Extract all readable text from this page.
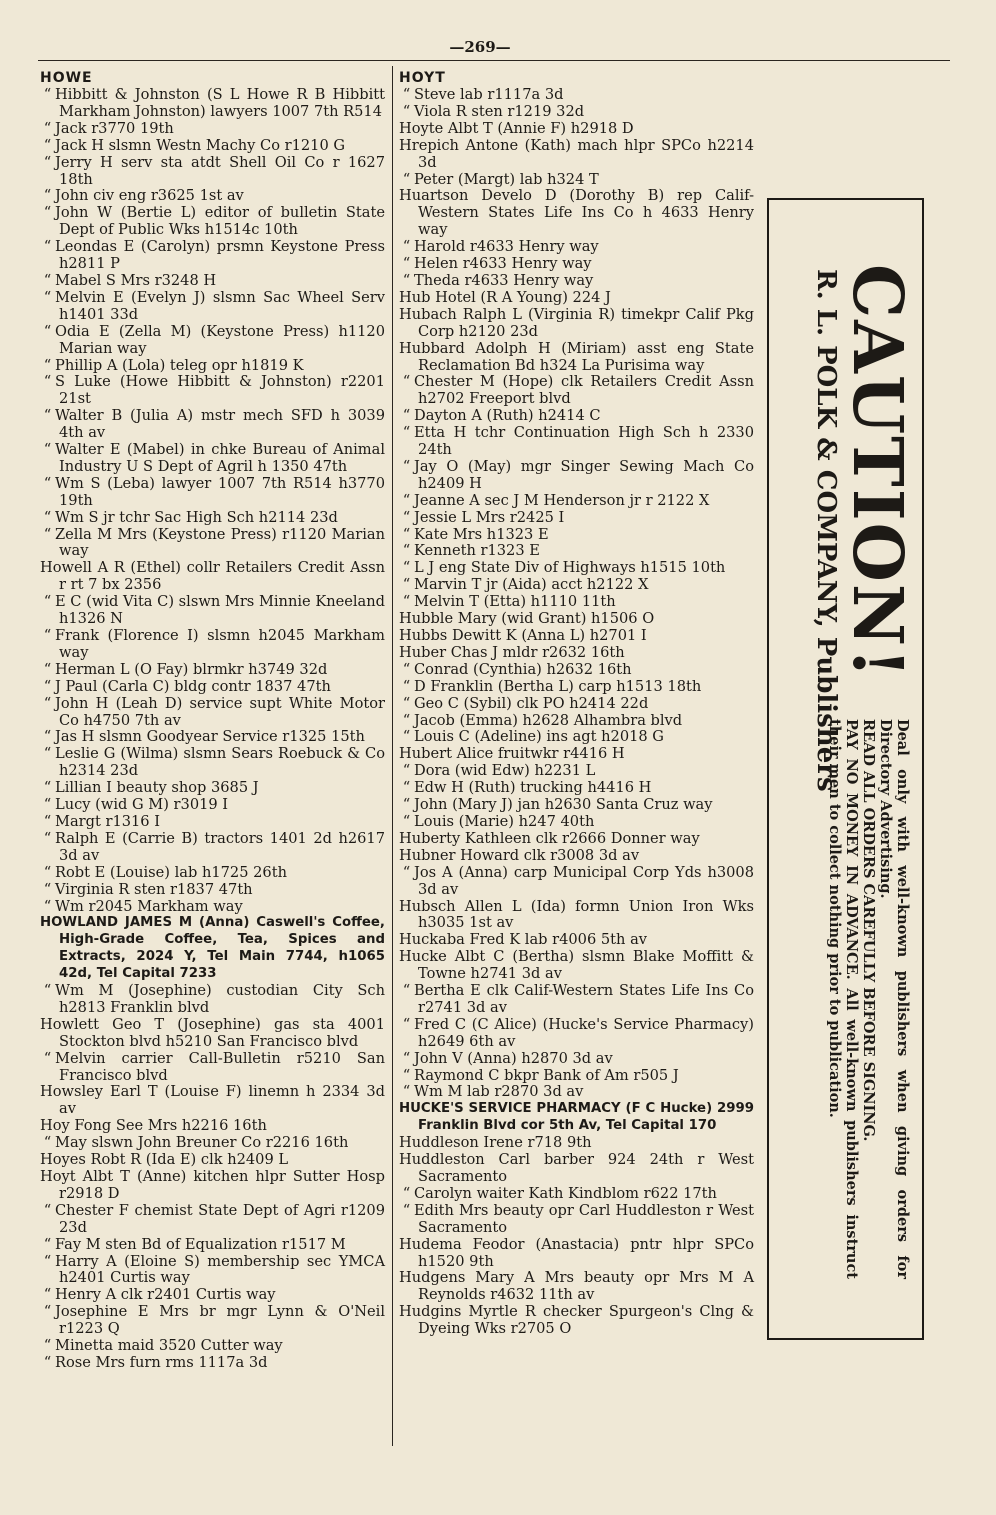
—269—
HOWE
“ Hibbitt & Johnston (S L Howe R B Hibbitt Markham Johnston) lawyers 1007 7th R514
“ Jack r3770 19th
“ Jack H slsmn Westn Machy Co r1210 G
“ Jerry H serv sta atdt Shell Oil Co r 1627 18th
“ John civ eng r3625 1st av
“ John W (Bertie L) editor of bulletin State Dept of Public Wks h1514c 10th
“ Leondas E (Carolyn) prsmn Keystone Press h2811 P
“ Mabel S Mrs r3248 H
“ Melvin E (Evelyn J) slsmn Sac Wheel Serv h1401 33d
“ Odia E (Zella M) (Keystone Press) h1120 Marian way
“ Phillip A (Lola) teleg opr h1819 K
“ S Luke (Howe Hibbitt & Johnston) r2201 21st
“ Walter B (Julia A) mstr mech SFD h 3039 4th av
“ Walter E (Mabel) in chke Bureau of Animal Industry U S Dept of Agril h 1350 47th
“ Wm S (Leba) lawyer 1007 7th R514 h3770 19th
“ Wm S jr tchr Sac High Sch h2114 23d
“ Zella M Mrs (Keystone Press) r1120 Marian way
Howell A R (Ethel) collr Retailers Credit Assn r rt 7 bx 2356
“ E C (wid Vita C) slswn Mrs Minnie Kneeland h1326 N
“ Frank (Florence I) slsmn h2045 Markham way
“ Herman L (O Fay) blrmkr h3749 32d
“ J Paul (Carla C) bldg contr 1837 47th
“ John H (Leah D) service supt White Motor Co h4750 7th av
“ Jas H slsmn Goodyear Service r1325 15th
“ Leslie G (Wilma) slsmn Sears Roebuck & Co h2314 23d
“ Lillian I beauty shop 3685 J
“ Lucy (wid G M) r3019 I
“ Margt r1316 I
“ Ralph E (Carrie B) tractors 1401 2d h2617 3d av
“ Robt E (Louise) lab h1725 26th
“ Virginia R sten r1837 47th
“ Wm r2045 Markham way
HOWLAND JAMES M (Anna) Caswell's Coffee, High-Grade Coffee, Tea, Spices and Extracts, 2024 Y, Tel Main 7744, h1065 42d, Tel Capital 7233
“ Wm M (Josephine) custodian City Sch h2813 Franklin blvd
Howlett Geo T (Josephine) gas sta 4001 Stockton blvd h5210 San Francisco blvd
“ Melvin carrier Call-Bulletin r5210 San Francisco blvd
Howsley Earl T (Louise F) linemn h 2334 3d av
Hoy Fong See Mrs h2216 16th
“ May slswn John Breuner Co r2216 16th
Hoyes Robt R (Ida E) clk h2409 L
Hoyt Albt T (Anne) kitchen hlpr Sutter Hosp r2918 D
“ Chester F chemist State Dept of Agri r1209 23d
“ Fay M sten Bd of Equalization r1517 M
“ Harry A (Eloine S) membership sec YMCA h2401 Curtis way
“ Henry A clk r2401 Curtis way
“ Josephine E Mrs br mgr Lynn & O'Neil r1223 Q
“ Minetta maid 3520 Cutter way
“ Rose Mrs furn rms 1117a 3d
HOYT
“ Steve lab r1117a 3d
“ Viola R sten r1219 32d
Hoyte Albt T (Annie F) h2918 D
Hrepich Antone (Kath) mach hlpr SPCo h2214 3d
“ Peter (Margt) lab h324 T
Huartson Develo D (Dorothy B) rep Calif-Western States Life Ins Co h 4633 Henry way
“ Harold r4633 Henry way
“ Helen r4633 Henry way
“ Theda r4633 Henry way
Hub Hotel (R A Young) 224 J
Hubach Ralph L (Virginia R) timekpr Calif Pkg Corp h2120 23d
Hubbard Adolph H (Miriam) asst eng State Reclamation Bd h324 La Purisima way
“ Chester M (Hope) clk Retailers Credit Assn h2702 Freeport blvd
“ Dayton A (Ruth) h2414 C
“ Etta H tchr Continuation High Sch h 2330 24th
“ Jay O (May) mgr Singer Sewing Mach Co h2409 H
“ Jeanne A sec J M Henderson jr r 2122 X
“ Jessie L Mrs r2425 I
“ Kate Mrs h1323 E
“ Kenneth r1323 E
“ L J eng State Div of Highways h1515 10th
“ Marvin T jr (Aida) acct h2122 X
“ Melvin T (Etta) h1110 11th
Hubble Mary (wid Grant) h1506 O
Hubbs Dewitt K (Anna L) h2701 I
Huber Chas J mldr r2632 16th
“ Conrad (Cynthia) h2632 16th
“ D Franklin (Bertha L) carp h1513 18th
“ Geo C (Sybil) clk PO h2414 22d
“ Jacob (Emma) h2628 Alhambra blvd
“ Louis C (Adeline) ins agt h2018 G
Hubert Alice fruitwkr r4416 H
“ Dora (wid Edw) h2231 L
“ Edw H (Ruth) trucking h4416 H
“ John (Mary J) jan h2630 Santa Cruz way
“ Louis (Marie) h247 40th
Huberty Kathleen clk r2666 Donner way
Hubner Howard clk r3008 3d av
“ Jos A (Anna) carp Municipal Corp Yds h3008 3d av
Hubsch Allen L (Ida) formn Union Iron Wks h3035 1st av
Huckaba Fred K lab r4006 5th av
Hucke Albt C (Bertha) slsmn Blake Moffitt & Towne h2741 3d av
“ Bertha E clk Calif-Western States Life Ins Co r2741 3d av
“ Fred C (C Alice) (Hucke's Service Pharmacy) h2649 6th av
“ John V (Anna) h2870 3d av
“ Raymond C bkpr Bank of Am r505 J
“ Wm M lab r2870 3d av
HUCKE'S SERVICE PHARMACY (F C Hucke) 2999 Franklin Blvd cor 5th Av, Tel Capital 170
Huddleson Irene r718 9th
Huddleston Carl barber 924 24th r West Sacramento
“ Carolyn waiter Kath Kindblom r622 17th
“ Edith Mrs beauty opr Carl Huddleston r West Sacramento
Hudema Feodor (Anastacia) pntr hlpr SPCo h1520 9th
Hudgens Mary A Mrs beauty opr Mrs M A Reynolds r4632 11th av
Hudgins Myrtle R checker Spurgeon's Clng & Dyeing Wks r2705 O
CAUTION!
R. L. POLK & COMPANY, Publishers

Deal only with well-known publishers when giving orders for Directory Advertising.

READ ALL ORDERS CAREFULLY BEFORE SIGNING.

PAY NO MONEY IN ADVANCE. All well-known publishers instruct their men to collect nothing prior to publication.
